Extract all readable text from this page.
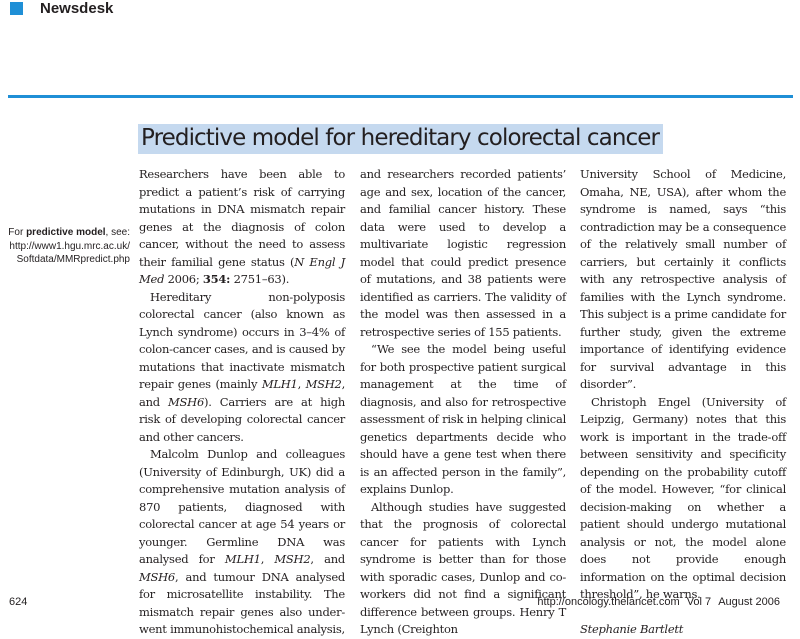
Newsdesk
Predictive model for hereditary colorectal cancer
For predictive model, see:
http://www1.hgu.mrc.ac.uk/
Softdata/MMRpredict.php

Researchers have been able to predict a patient’s risk of carrying mutations in DNA mismatch repair genes at the diagnosis of colon cancer, without the need to assess their familial gene status (N Engl J Med 2006; 354: 2751–63).

Hereditary non-polyposis colorectal cancer (also known as Lynch syndrome) occurs in 3–4% of colon-cancer cases, and is caused by mutations that inactivate mismatch repair genes (mainly MLH1, MSH2, and MSH6). Carriers are at high risk of developing colorectal cancer and other cancers.

Malcolm Dunlop and colleagues (University of Edinburgh, UK) did a comprehensive mutation analysis of 870 patients, diagnosed with colorectal cancer at age 54 years or younger. Germline DNA was analysed for MLH1, MSH2, and MSH6, and tumour DNA analysed for microsatellite instability. The mismatch repair genes also under-went immunohistochemical analysis,

and researchers recorded patients’ age and sex, location of the cancer, and familial cancer history. These data were used to develop a multivariate logistic regression model that could predict presence of mutations, and 38 patients were identified as carriers. The validity of the model was then assessed in a retrospective series of 155 patients.

“We see the model being useful for both prospective patient surgical management at the time of diagnosis, and also for retrospective assessment of risk in helping clinical genetics departments decide who should have a gene test when there is an affected person in the family”, explains Dunlop.

Although studies have suggested that the prognosis of colorectal cancer for patients with Lynch syndrome is better than for those with sporadic cases, Dunlop and co-workers did not find a significant difference between groups. Henry T Lynch (Creighton

University School of Medicine, Omaha, NE, USA), after whom the syndrome is named, says “this contradiction may be a consequence of the relatively small number of carriers, but certainly it conflicts with any retrospective analysis of families with the Lynch syndrome. This subject is a prime candidate for further study, given the extreme importance of identifying evidence for survival advantage in this disorder”.

Christoph Engel (University of Leipzig, Germany) notes that this work is important in the trade-off between sensitivity and specificity depending on the probability cutoff of the model. However, “for clinical decision-making on whether a patient should undergo mutational analysis or not, the model alone does not provide enough information on the optimal decision threshold”, he warns.

Stephanie Bartlett

624	http://oncology.thelancet.com Vol 7 August 2006
